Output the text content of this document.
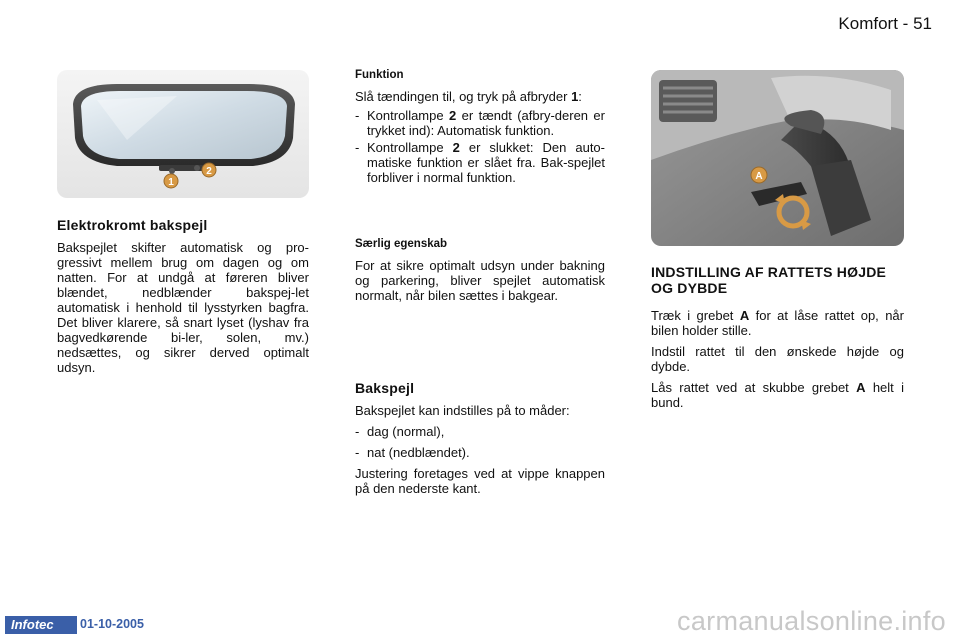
Komfort - 51
1
2
Elektrokromt bakspejl

Bakspejlet skifter automatisk og pro-gressivt mellem brug om dagen og om natten. For at undgå at føreren bliver blændet, nedblænder bakspej-let automatisk i henhold til lysstyrken bagfra. Det bliver klarere, så snart lyset (lyshav fra bagvedkørende bi-ler, solen, mv.) nedsættes, og sikrer derved optimalt udsyn.

Funktion

Slå tændingen til, og tryk på afbryder 1:

- Kontrollampe 2 er tændt (afbry-deren er trykket ind): Automatisk funktion.
- Kontrollampe 2 er slukket: Den auto-matiske funktion er slået fra. Bak-spejlet forbliver i normal funktion.
Særlig egenskab

For at sikre optimalt udsyn under bakning og parkering, bliver spejlet automatisk normalt, når bilen sættes i bakgear.

Bakspejl

Bakspejlet kan indstilles på to måder:

- dag (normal),
- nat (nedblændet).

Justering foretages ved at vippe knappen på den nederste kant.

A
INDSTILLING AF RATTETS HØJDE OG DYBDE

Træk i grebet A for at låse rattet op, når bilen holder stille.

Indstil rattet til den ønskede højde og dybde.

Lås rattet ved at skubbe grebet A helt i bund.

Infotec	01-10-2005	carmanualsonline.info
